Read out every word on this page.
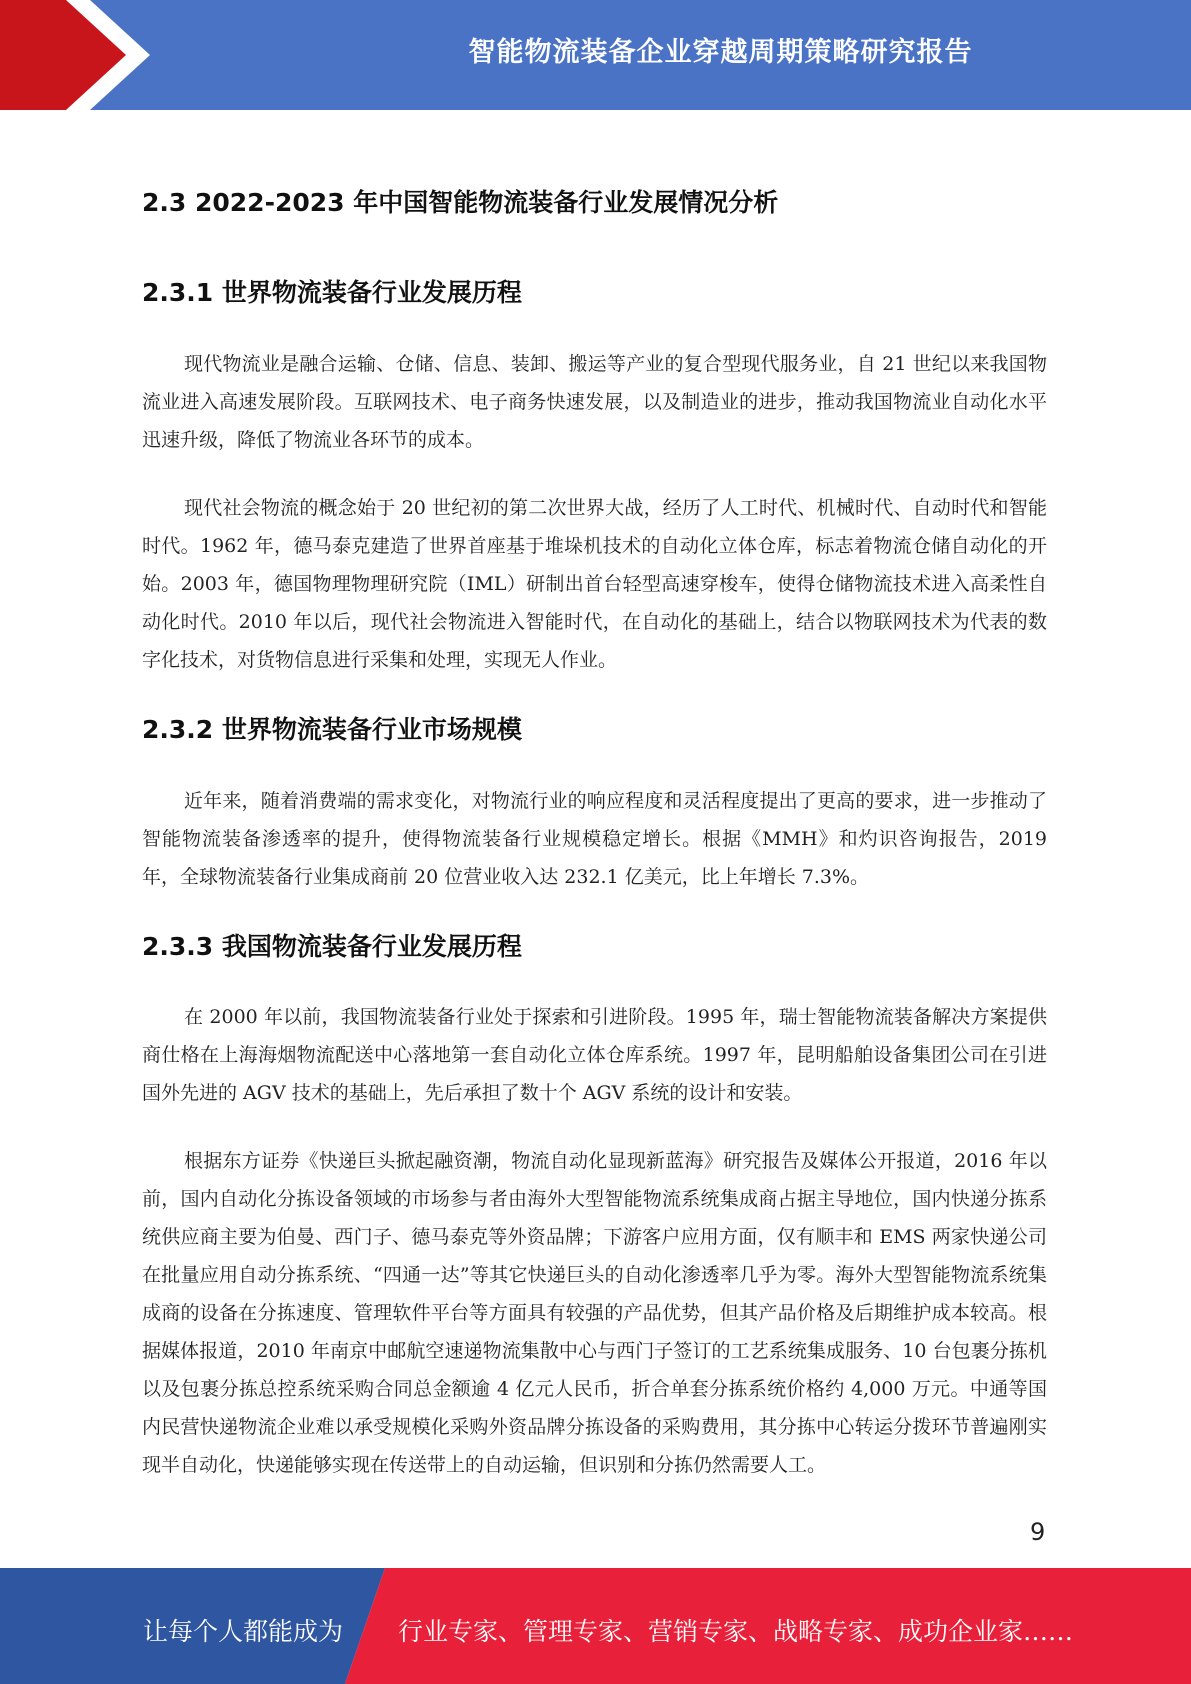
智能物流装备企业穿越周期策略研究报告
2.3 2022-2023 年中国智能物流装备行业发展情况分析
2.3.1 世界物流装备行业发展历程

现代物流业是融合运输、仓储、信息、装卸、搬运等产业的复合型现代服务业，自 21 世纪以来我国物流业进入高速发展阶段。互联网技术、电子商务快速发展，以及制造业的进步，推动我国物流业自动化水平迅速升级，降低了物流业各环节的成本。

现代社会物流的概念始于 20 世纪初的第二次世界大战，经历了人工时代、机械时代、自动时代和智能时代。1962 年，德马泰克建造了世界首座基于堆垛机技术的自动化立体仓库，标志着物流仓储自动化的开始。2003 年，德国物理物理研究院（IML）研制出首台轻型高速穿梭车，使得仓储物流技术进入高柔性自动化时代。2010 年以后，现代社会物流进入智能时代，在自动化的基础上，结合以物联网技术为代表的数字化技术，对货物信息进行采集和处理，实现无人作业。

2.3.2 世界物流装备行业市场规模

近年来，随着消费端的需求变化，对物流行业的响应程度和灵活程度提出了更高的要求，进一步推动了智能物流装备渗透率的提升，使得物流装备行业规模稳定增长。根据《MMH》和灼识咨询报告，2019 年，全球物流装备行业集成商前 20 位营业收入达 232.1 亿美元，比上年增长 7.3%。

2.3.3 我国物流装备行业发展历程

在 2000 年以前，我国物流装备行业处于探索和引进阶段。1995 年，瑞士智能物流装备解决方案提供商仕格在上海海烟物流配送中心落地第一套自动化立体仓库系统。1997 年，昆明船舶设备集团公司在引进国外先进的 AGV 技术的基础上，先后承担了数十个 AGV 系统的设计和安装。

根据东方证券《快递巨头掀起融资潮，物流自动化显现新蓝海》研究报告及媒体公开报道，2016 年以前，国内自动化分拣设备领域的市场参与者由海外大型智能物流系统集成商占据主导地位，国内快递分拣系统供应商主要为伯曼、西门子、德马泰克等外资品牌；下游客户应用方面，仅有顺丰和 EMS 两家快递公司在批量应用自动分拣系统、“四通一达”等其它快递巨头的自动化渗透率几乎为零。海外大型智能物流系统集成商的设备在分拣速度、管理软件平台等方面具有较强的产品优势，但其产品价格及后期维护成本较高。根据媒体报道，2010 年南京中邮航空速递物流集散中心与西门子签订的工艺系统集成服务、10 台包裹分拣机以及包裹分拣总控系统采购合同总金额逾 4 亿元人民币，折合单套分拣系统价格约 4,000 万元。中通等国内民营快递物流企业难以承受规模化采购外资品牌分拣设备的采购费用，其分拣中心转运分拨环节普遍刚实现半自动化，快递能够实现在传送带上的自动运输，但识别和分拣仍然需要人工。

9
让每个人都能成为 行业专家、管理专家、营销专家、战略专家、成功企业家……
